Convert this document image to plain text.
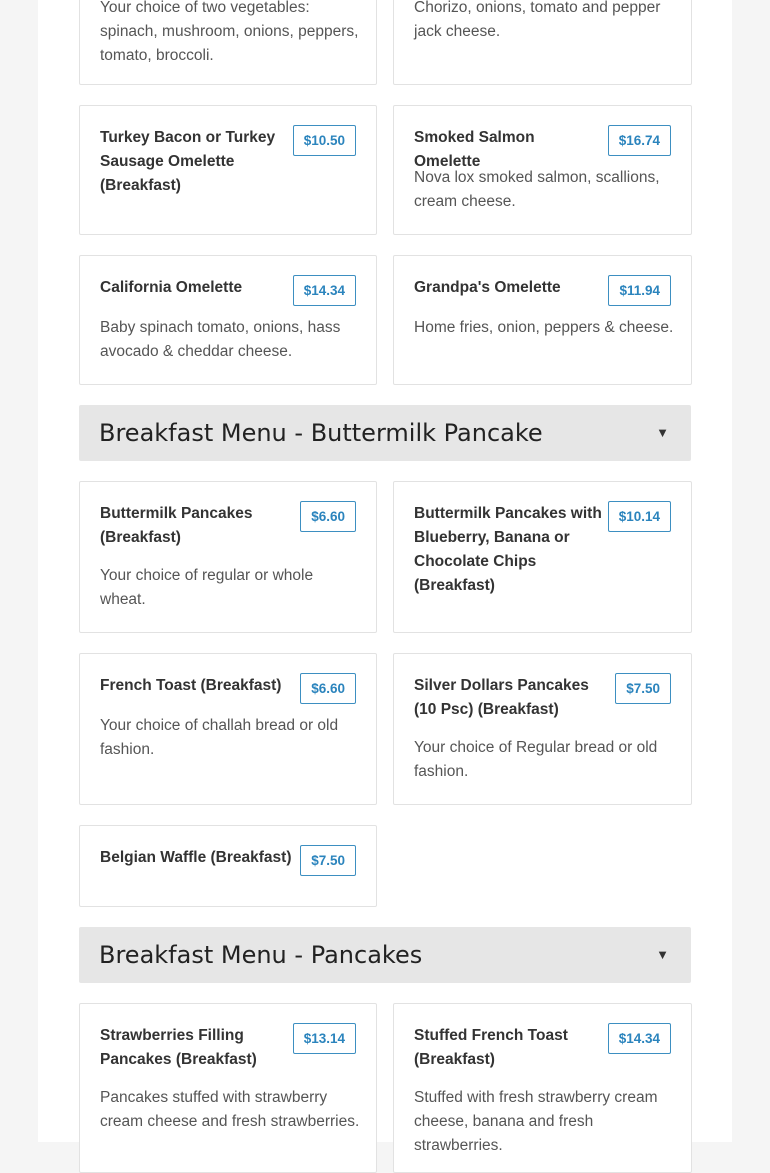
Your choice of two vegetables: spinach, mushroom, onions, peppers, tomato, broccoli.
Chorizo, onions, tomato and pepper jack cheese.
Turkey Bacon or Turkey Sausage Omelette (Breakfast)
$10.50	Smoked Salmon Omelette
$16.74
Nova lox smoked salmon, scallions, cream cheese.
California Omelette	$14.34
Baby spinach tomato, onions, hass avocado & cheddar cheese.
Grandpa's Omelette	$11.94
Home fries, onion, peppers & cheese.
Breakfast Menu - Buttermilk Pancake	▼
Buttermilk Pancakes (Breakfast)
$6.60
Your choice of regular or whole wheat.
Buttermilk Pancakes with Blueberry, Banana or Chocolate Chips (Breakfast)
$10.14
French Toast (Breakfast)	$6.60
Your choice of challah bread or old fashion.
Silver Dollars Pancakes (10 Psc) (Breakfast)
$7.50
Your choice of Regular bread or old fashion.
Belgian Waffle (Breakfast)	$7.50
Breakfast Menu - Pancakes	▼
Strawberries Filling Pancakes (Breakfast)
$13.14
Pancakes stuffed with strawberry cream cheese and fresh strawberries.
Stuffed French Toast (Breakfast)
$14.34
Stuffed with fresh strawberry cream cheese, banana and fresh strawberries.
